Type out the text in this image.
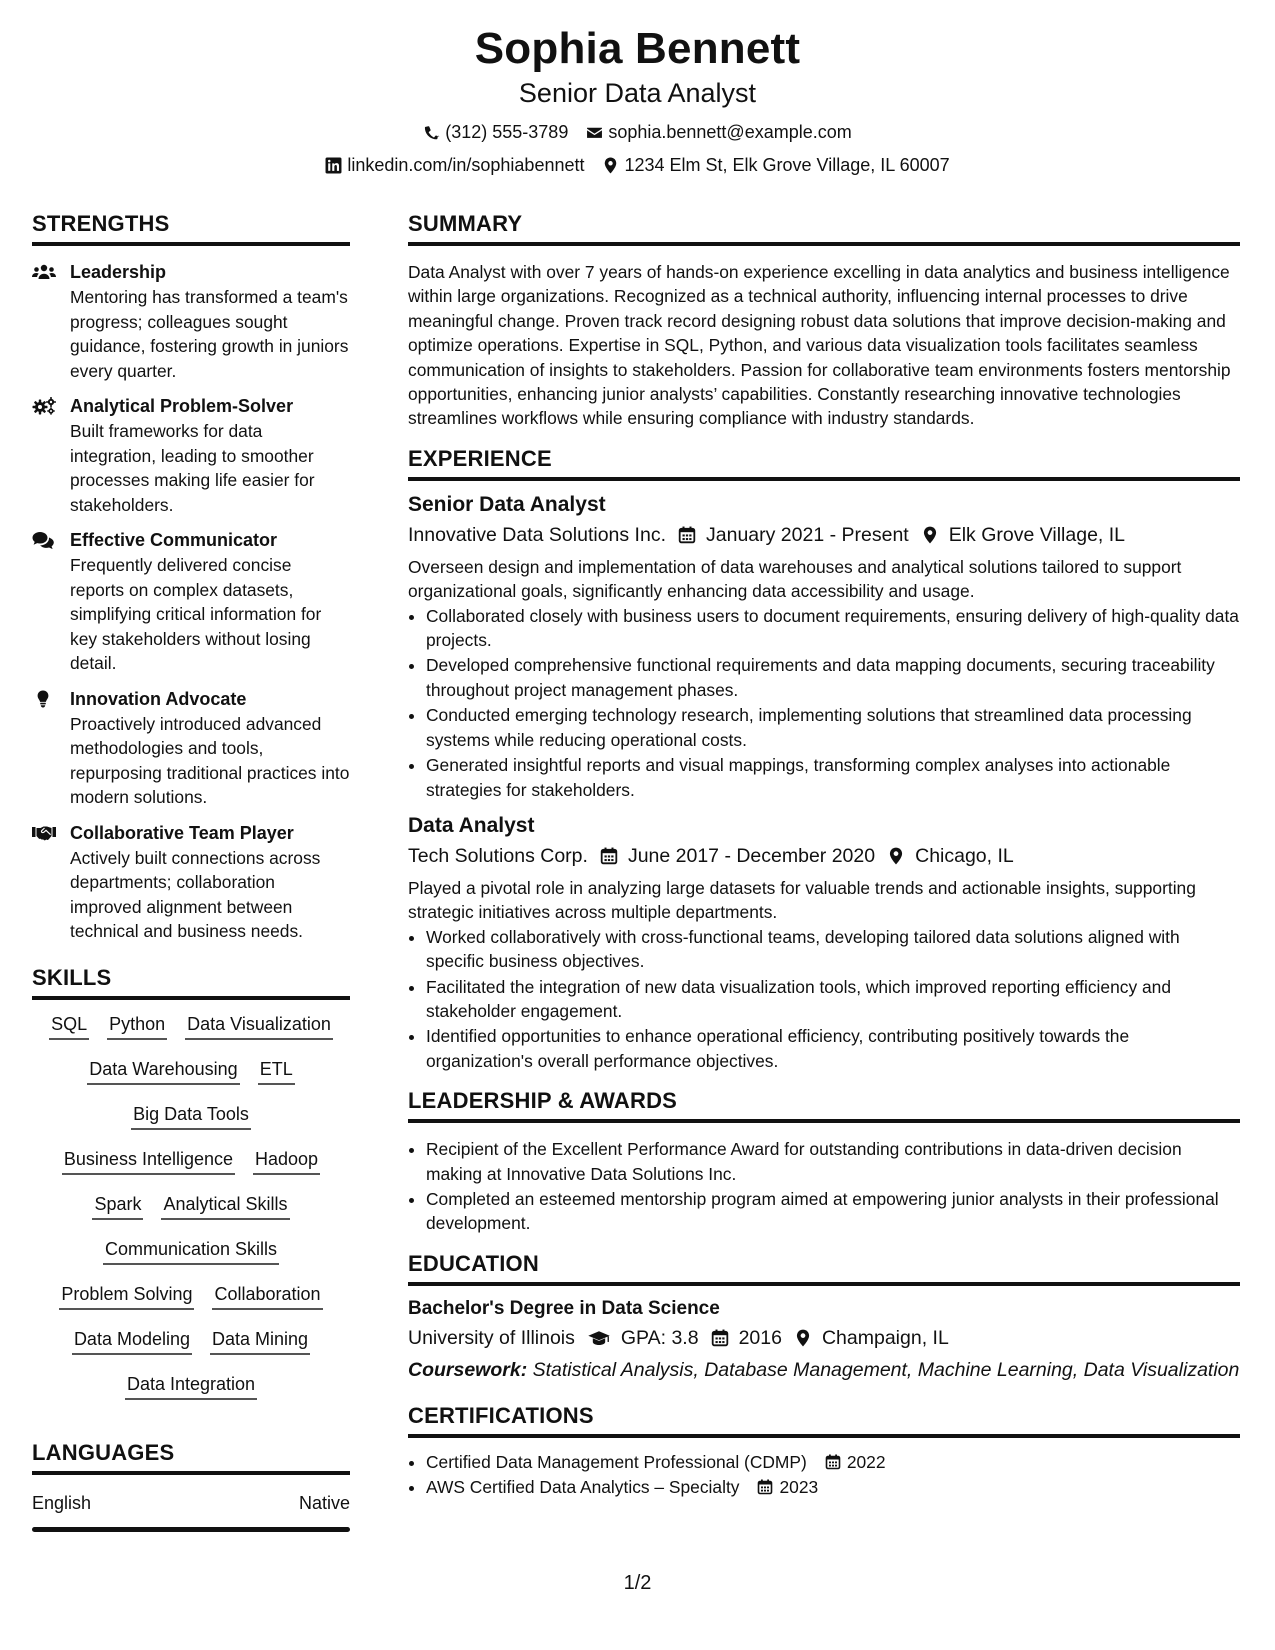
Sophia Bennett
Senior Data Analyst
(312) 555-3789 sophia.bennett@example.com
linkedin.com/in/sophiabennett 1234 Elm St, Elk Grove Village, IL 60007
STRENGTHS
Leadership
Mentoring has transformed a team's progress; colleagues sought guidance, fostering growth in juniors every quarter.
Analytical Problem-Solver
Built frameworks for data integration, leading to smoother processes making life easier for stakeholders.
Effective Communicator
Frequently delivered concise reports on complex datasets, simplifying critical information for key stakeholders without losing detail.
Innovation Advocate
Proactively introduced advanced methodologies and tools, repurposing traditional practices into modern solutions.
Collaborative Team Player
Actively built connections across departments; collaboration improved alignment between technical and business needs.
SKILLS
SQL Python Data Visualization
Data Warehousing ETL
Big Data Tools
Business Intelligence Hadoop
Spark Analytical Skills
Communication Skills
Problem Solving Collaboration
Data Modeling Data Mining
Data Integration
LANGUAGES
English	Native
SUMMARY
Data Analyst with over 7 years of hands-on experience excelling in data analytics and business intelligence within large organizations. Recognized as a technical authority, influencing internal processes to drive meaningful change. Proven track record designing robust data solutions that improve decision-making and optimize operations. Expertise in SQL, Python, and various data visualization tools facilitates seamless communication of insights to stakeholders. Passion for collaborative team environments fosters mentorship opportunities, enhancing junior analysts’ capabilities. Constantly researching innovative technologies streamlines workflows while ensuring compliance with industry standards.
EXPERIENCE
Senior Data Analyst
Innovative Data Solutions Inc. January 2021 - Present Elk Grove Village, IL
Overseen design and implementation of data warehouses and analytical solutions tailored to support organizational goals, significantly enhancing data accessibility and usage.
• Collaborated closely with business users to document requirements, ensuring delivery of high-quality data projects.
• Developed comprehensive functional requirements and data mapping documents, securing traceability throughout project management phases.
• Conducted emerging technology research, implementing solutions that streamlined data processing systems while reducing operational costs.
• Generated insightful reports and visual mappings, transforming complex analyses into actionable strategies for stakeholders.
Data Analyst
Tech Solutions Corp. June 2017 - December 2020 Chicago, IL
Played a pivotal role in analyzing large datasets for valuable trends and actionable insights, supporting strategic initiatives across multiple departments.
• Worked collaboratively with cross-functional teams, developing tailored data solutions aligned with specific business objectives.
• Facilitated the integration of new data visualization tools, which improved reporting efficiency and stakeholder engagement.
• Identified opportunities to enhance operational efficiency, contributing positively towards the organization's overall performance objectives.
LEADERSHIP & AWARDS
• Recipient of the Excellent Performance Award for outstanding contributions in data-driven decision making at Innovative Data Solutions Inc.
• Completed an esteemed mentorship program aimed at empowering junior analysts in their professional development.
EDUCATION
Bachelor's Degree in Data Science
University of Illinois GPA: 3.8 2016 Champaign, IL
Coursework: Statistical Analysis, Database Management, Machine Learning, Data Visualization
CERTIFICATIONS
• Certified Data Management Professional (CDMP) 2022
• AWS Certified Data Analytics – Specialty 2023
1/2
